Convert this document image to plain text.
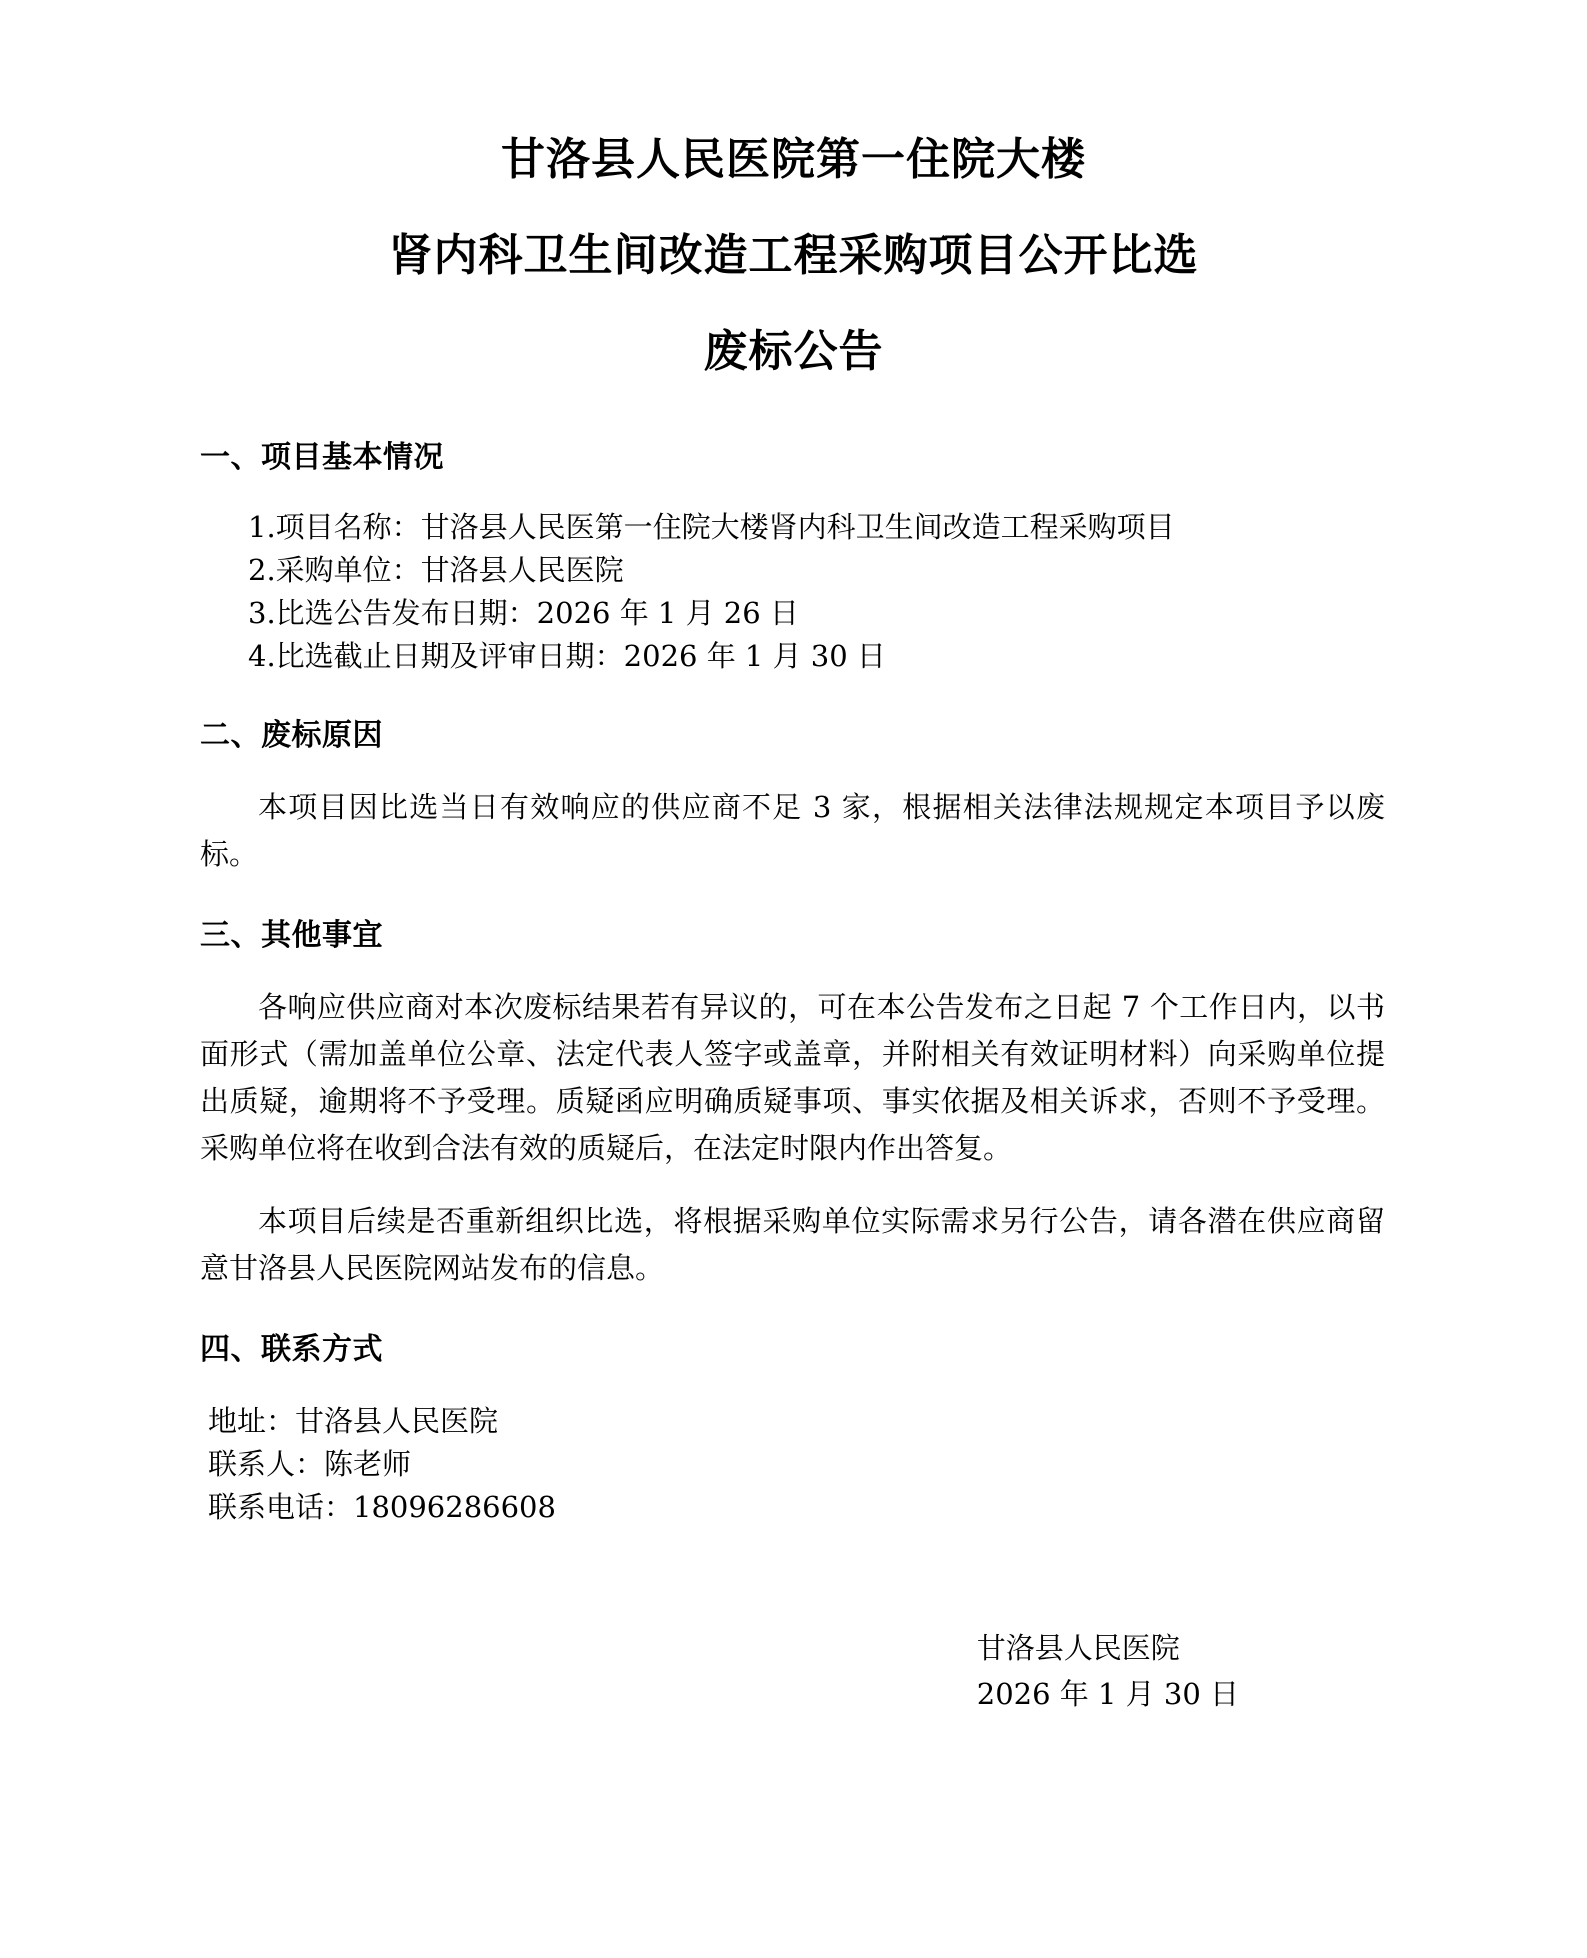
甘洛县人民医院第一住院大楼
肾内科卫生间改造工程采购项目公开比选
废标公告
一、项目基本情况
1.项目名称：甘洛县人民医第一住院大楼肾内科卫生间改造工程采购项目
2.采购单位：甘洛县人民医院
3.比选公告发布日期：2026 年 1 月 26 日
4.比选截止日期及评审日期：2026 年 1 月 30 日
二、废标原因

本项目因比选当日有效响应的供应商不足 3 家，根据相关法律法规规定本项目予以废标。

三、其他事宜

各响应供应商对本次废标结果若有异议的，可在本公告发布之日起 7 个工作日内，以书面形式（需加盖单位公章、法定代表人签字或盖章，并附相关有效证明材料）向采购单位提出质疑，逾期将不予受理。质疑函应明确质疑事项、事实依据及相关诉求，否则不予受理。采购单位将在收到合法有效的质疑后，在法定时限内作出答复。

本项目后续是否重新组织比选，将根据采购单位实际需求另行公告，请各潜在供应商留意甘洛县人民医院网站发布的信息。

四、联系方式
地址：甘洛县人民医院
联系人：陈老师
联系电话：18096286608
甘洛县人民医院
2026 年 1 月 30 日
